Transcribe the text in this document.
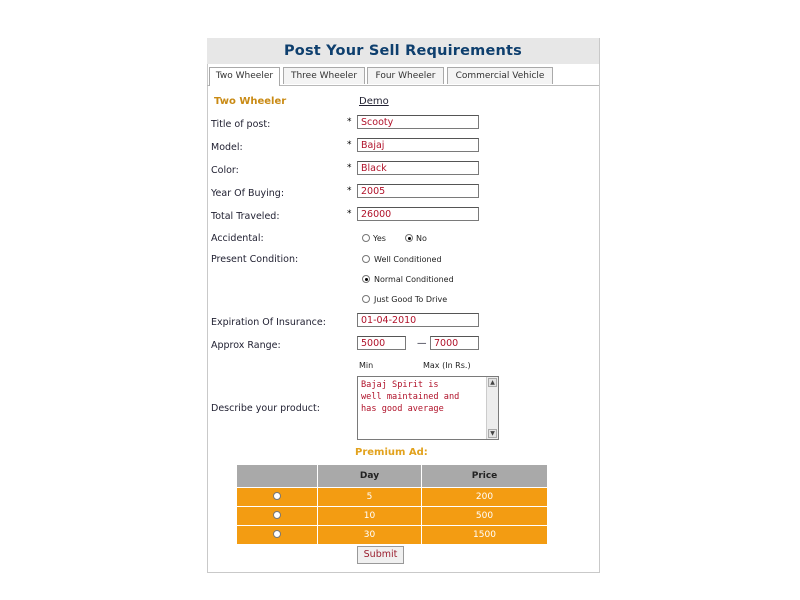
Post Your Sell Requirements
Two Wheeler	Three Wheeler	Four Wheeler	Commercial Vehicle
Two Wheeler	Demo
Title of post:	*	Scooty
Model:	*	Bajaj
Color:	*	Black
Year Of Buying:	*	2005
Total Traveled:	*	26000
Accidental:	Yes	No
Present Condition:	Well Conditioned
Normal Conditioned
Just Good To Drive
Expiration Of Insurance:	01-04-2010
Approx Range:	5000	— 7000
Min	Max (In Rs.)
Describe your product:
Bajaj Spirit is
well maintained and
has good average
▲
▼
Premium Ad:
	Day	Price
	5	200
	10	500
	30	1500
Submit
